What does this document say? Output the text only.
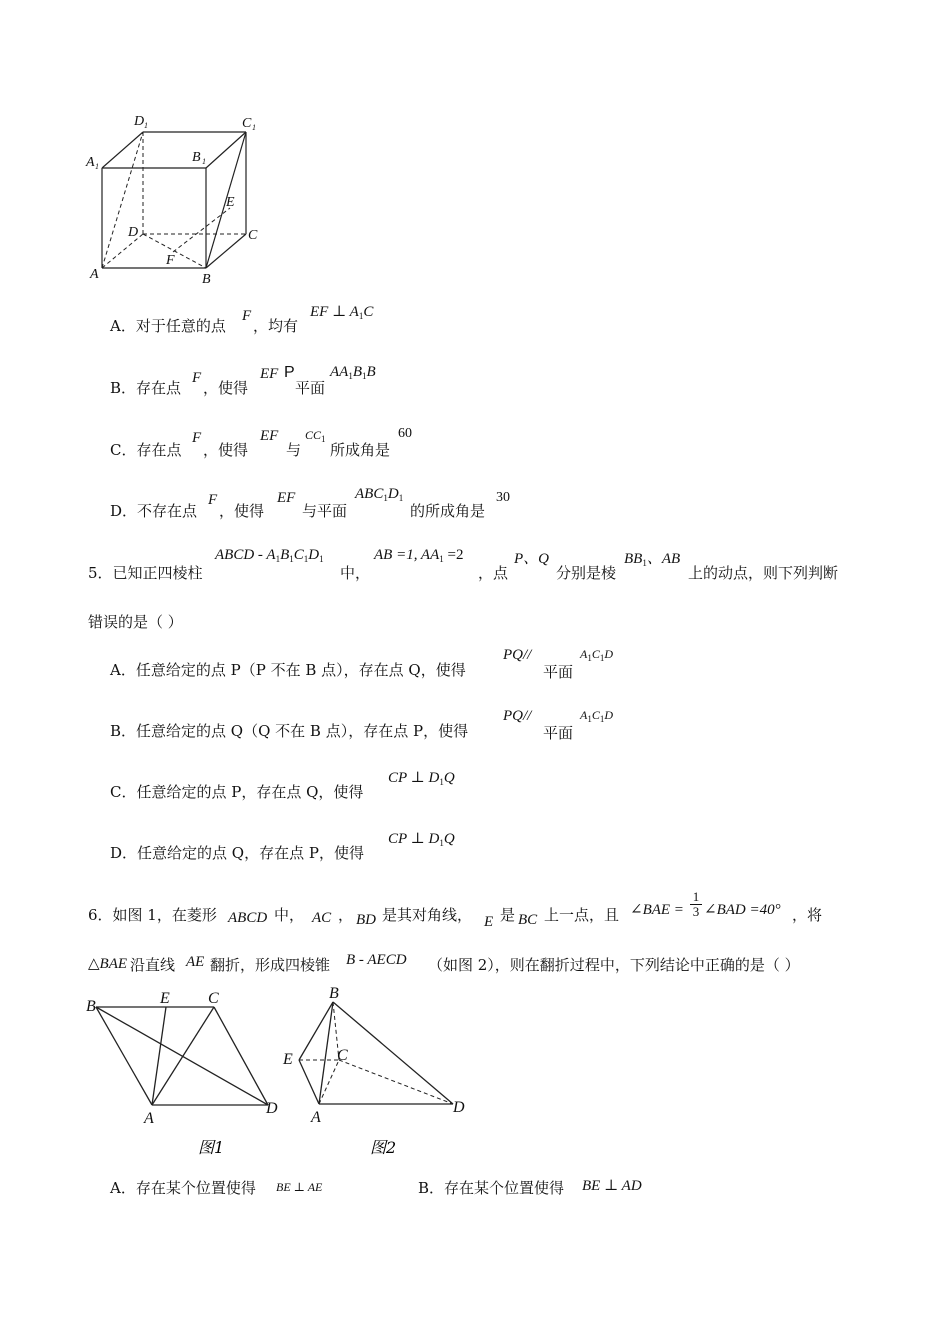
D 1	C 1
A 1
B 1
D	C
A	B
E
F
A．对于任意的点
F
，均有
EF ⊥ $A_1C$
B．存在点
F
，使得
EF P
平面
$AA_1B_1B$
C．存在点
F
，使得
EF
与
$CC_1$
所成角是
60
D．不存在点
F
，使得
EF
与平面
$ABC_1D_1$
的所成角是
30
5．已知正四棱柱
ABCD - $A_1B_1C_1D_1$
中，
AB =1, $AA_1 =2$
，点
P、Q
分别是棱
$BB_1$、AB
上的动点，则下列判断
错误的是（ ）
A．任意给定的点 P（P 不在 B 点），存在点 Q，使得
PQ//
平面
$A_1C_1D$
B．任意给定的点 Q（Q 不在 B 点），存在点 P，使得
PQ//
平面
$A_1C_1D$
C．任意给定的点 P，存在点 Q，使得
CP ⊥ $D_1Q$
D．任意给定的点 Q，存在点 P，使得
CP ⊥ $D_1Q$
6．如图 1，在菱形 ABCD 中， AC ， BD 是其对角线， E 是 BC 上一点，且 ∠BAE = $\frac{1}{3}$ ∠BAD =40° ，将
△BAE 沿直线 AE 翻折，形成四棱锥 B - AECD （如图 2），则在翻折过程中，下列结论中正确的是（ ）
B	E C
A
D
图1
B
E	C
A
D
图2
A．存在某个位置使得 BE ⊥ AE	B．存在某个位置使得 BE ⊥ AD
